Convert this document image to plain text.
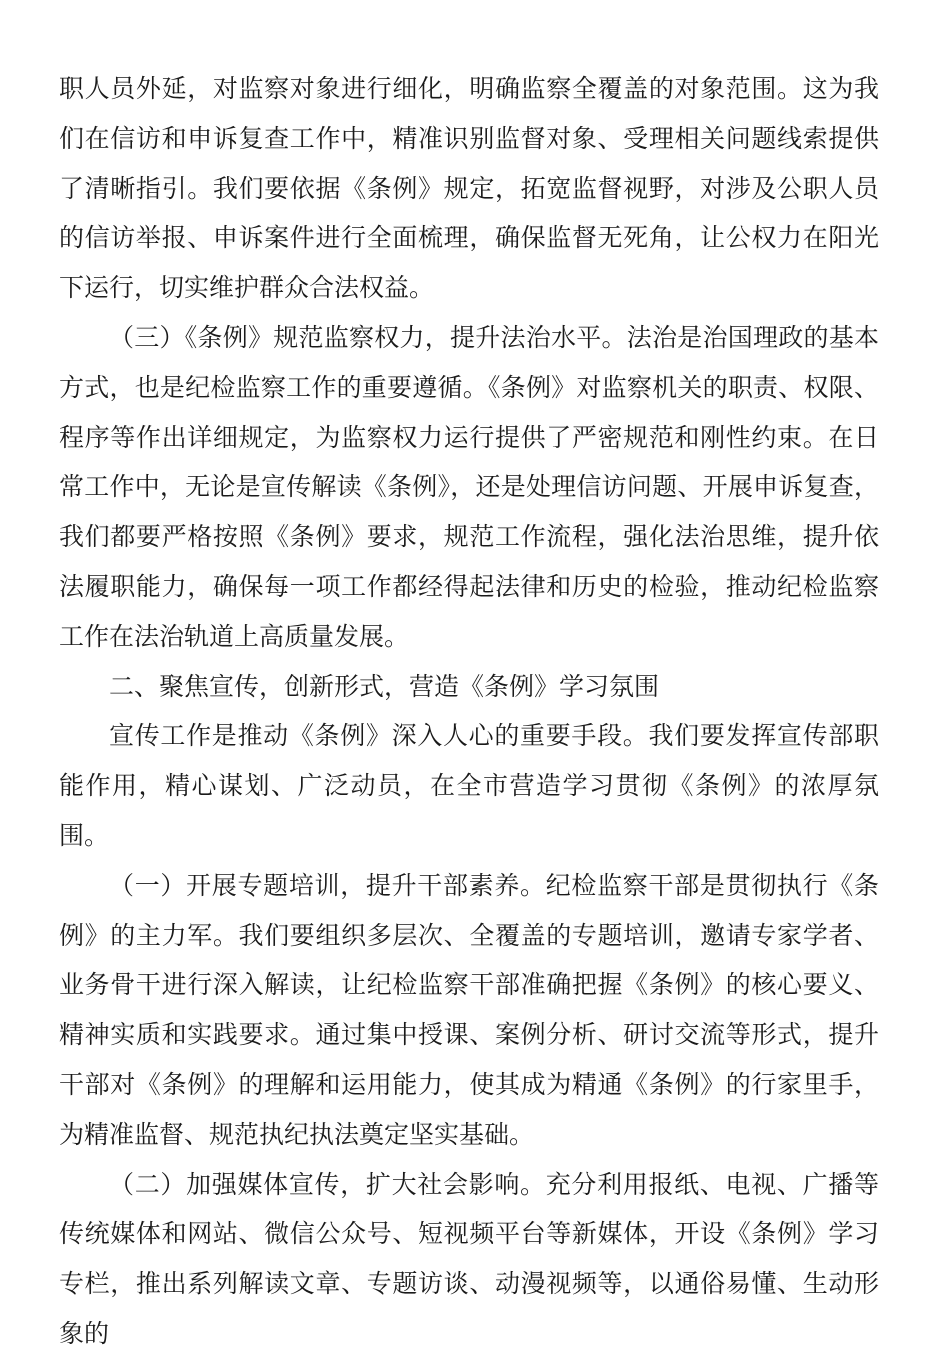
职人员外延，对监察对象进行细化，明确监察全覆盖的对象范围。这为我们在信访和申诉复查工作中，精准识别监督对象、受理相关问题线索提供了清晰指引。我们要依据《条例》规定，拓宽监督视野，对涉及公职人员的信访举报、申诉案件进行全面梳理，确保监督无死角，让公权力在阳光下运行，切实维护群众合法权益。

（三）《条例》规范监察权力，提升法治水平。法治是治国理政的基本方式，也是纪检监察工作的重要遵循。《条例》对监察机关的职责、权限、程序等作出详细规定，为监察权力运行提供了严密规范和刚性约束。在日常工作中，无论是宣传解读《条例》，还是处理信访问题、开展申诉复查，我们都要严格按照《条例》要求，规范工作流程，强化法治思维，提升依法履职能力，确保每一项工作都经得起法律和历史的检验，推动纪检监察工作在法治轨道上高质量发展。

二、聚焦宣传，创新形式，营造《条例》学习氛围

宣传工作是推动《条例》深入人心的重要手段。我们要发挥宣传部职能作用，精心谋划、广泛动员，在全市营造学习贯彻《条例》的浓厚氛围。

（一）开展专题培训，提升干部素养。纪检监察干部是贯彻执行《条例》的主力军。我们要组织多层次、全覆盖的专题培训，邀请专家学者、业务骨干进行深入解读，让纪检监察干部准确把握《条例》的核心要义、精神实质和实践要求。通过集中授课、案例分析、研讨交流等形式，提升干部对《条例》的理解和运用能力，使其成为精通《条例》的行家里手，为精准监督、规范执纪执法奠定坚实基础。

（二）加强媒体宣传，扩大社会影响。充分利用报纸、电视、广播等传统媒体和网站、微信公众号、短视频平台等新媒体，开设《条例》学习专栏，推出系列解读文章、专题访谈、动漫视频等，以通俗易懂、生动形象的
